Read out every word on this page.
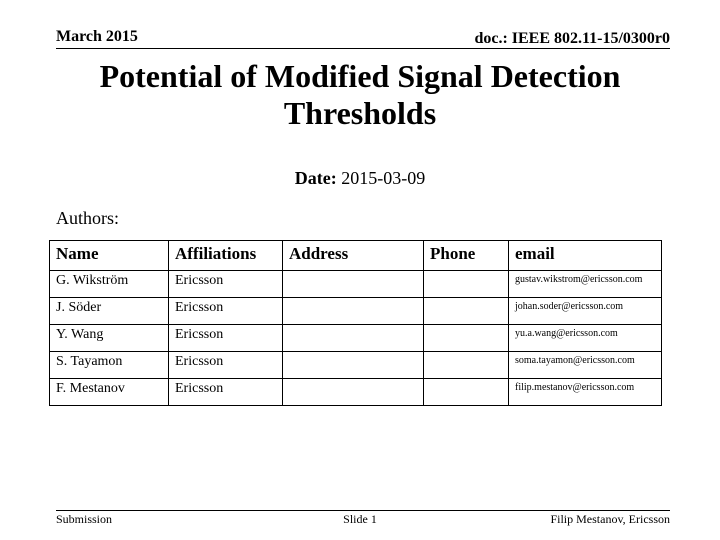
March 2015	doc.: IEEE 802.11-15/0300r0
Potential of Modified Signal Detection Thresholds
Date: 2015-03-09
Authors:
Name	Affiliations	Address	Phone	email
G. Wikström	Ericsson			gustav.wikstrom@ericsson.com
J. Söder	Ericsson			johan.soder@ericsson.com
Y. Wang	Ericsson			yu.a.wang@ericsson.com
S. Tayamon	Ericsson			soma.tayamon@ericsson.com
F. Mestanov	Ericsson			filip.mestanov@ericsson.com
Submission	Slide 1	Filip Mestanov, Ericsson
